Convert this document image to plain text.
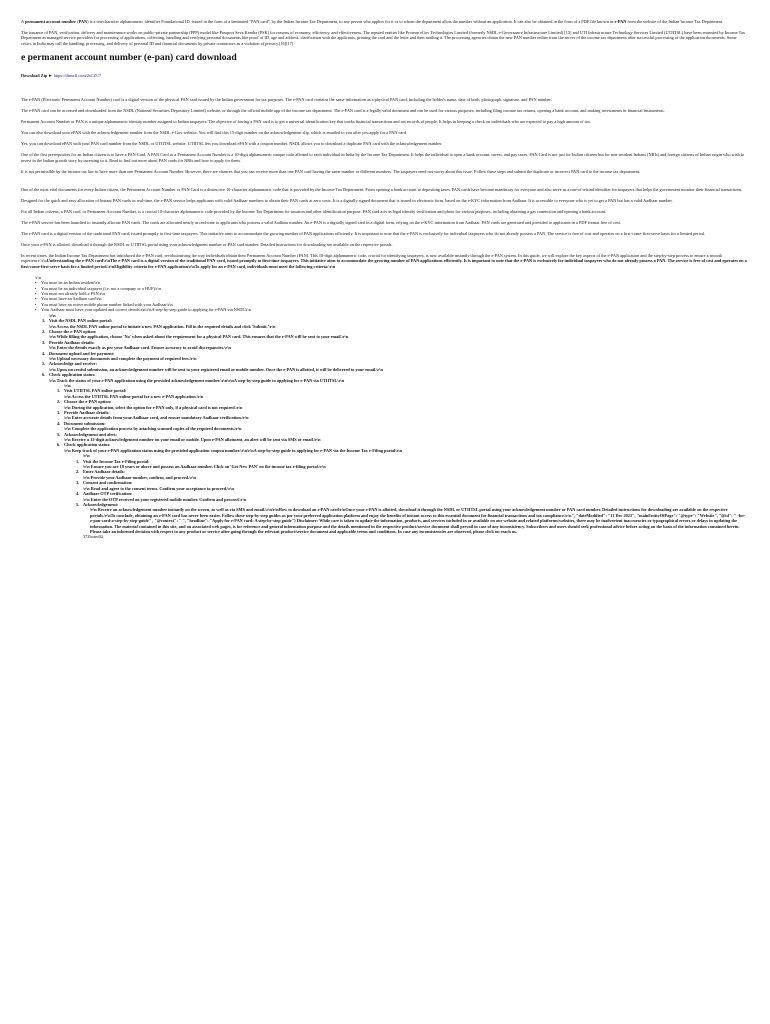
A permanent account number (PAN) is a ten-character alphanumeric identifier Foundational ID, issued in the form of a laminated "PAN card", by the Indian Income Tax Department, to any person who applies for it or to whom the department allots the number without an application. It can also be obtained in the form of a PDF file known as e-PAN from the website of the Indian Income Tax Department.

The issuance of PAN, verification, delivery and maintenance works on public-private partnership (PPP) model like Passport Seva Kendra (PSK) for reasons of economy, efficiency, and effectiveness. The reputed entities like Protean eGov Technologies Limited (formerly NSDL e-Governance Infrastructure Limited) [15] and UTI Infrastructure Technology Services Limited (UTIITSL) have been entrusted by Income Tax Department as managed service providers for processing of applications, collecting, handling and verifying personal documents like proof of ID, age and address, clarification with the applicants, printing the card and the letter and then mailing it. The processing agencies obtain the new PAN number online from the server of the income tax department after successful processing of the application documents. Some critics in India may call the handling, processing, and delivery of personal ID and financial documents by private contractors as a violation of privacy.[16][17]

e permanent account number (e-pan) card download

Download Zip ► https://tlinurll.com/2sCZC7

The e-PAN (Electronic Permanent Account Number) card is a digital version of the physical PAN card issued by the Indian government for tax purposes. The e-PAN card contains the same information as a physical PAN card, including the holder's name, date of birth, photograph, signature, and PAN number.

The e-PAN card can be accessed and downloaded from the NSDL (National Securities Depository Limited) website, or through the official mobile app of the income tax department. The e-PAN card is a legally valid document and can be used for various purposes, including filing income tax returns, opening a bank account, and making investments in financial instruments.

Permanent Account Number or PAN is a unique alphanumeric identity number assigned to Indian taxpayers. The objective of having a PAN card is to get a universal identification key that tracks financial transactions and tax records of people. It helps in keeping a check on individuals who are expected to pay a high amount of tax.

You can also download your ePAN with the acknowledgement number from the NSDL e-Gov website. You will find this 15-digit number on the acknowledgement slip, which is emailed to you after you apply for a PAN card.

Yes, you can download ePAN with your PAN card number from the NSDL or UTIITSL website. UTIITSL lets you download ePAN with a coupon number. NSDL allows you to download a duplicate PAN card with the acknowledgement number.

One of the first prerequisites for an Indian citizen is to have a PAN Card. A PAN Card or a Permanent Account Number is a 10-digit alphanumeric unique code allotted to each individual in India by the Income Tax Department. It helps the individual to open a bank account, invest, and pay taxes. PAN Card is not just for Indian citizens but for non-resident Indians (NRIs) and foreign citizens of Indian origin who wish to invest in the Indian growth story by investing in it. Read to find out more about PAN cards for NRIs and how to apply for them.

It is not permissible by the income tax law to have more than one Permanent Account Number. However, there are chances that you can receive more than one PAN card having the same number or different numbers. The taxpayers need not worry about this issue. Follow these steps and submit the duplicate or incorrect PAN card to the income tax department.

One of the most vital documents for every Indian citizen, the Permanent Account Number or PAN Card is a distinctive 10-character alphanumeric code that is provided by the Income Tax Department. From opening a bank account to depositing taxes, PAN cards have become mandatory for everyone and also serve as a one-of-a-kind identifier for taxpayers that helps the government monitor their financial transactions.

Designed for the quick and easy allocation of Instant PAN cards in real-time, the e-PAN service helps applicants with valid Aadhaar numbers to obtain their PAN cards at zero costs. It is a digitally signed document that is issued in electronic form, based on the e-KYC information from Aadhaar. It is accessible to everyone who is yet to get a PAN but has a valid Aadhaar number.

For all Indian citizens, a PAN card, or Permanent Account Number, is a crucial 10-character alphanumeric code provided by the Income Tax Department for taxation and other identification purpose. PAN card acts as legal identity verification and photo for various purposes, including obtaining a gas connection and opening a bank account.

The e-PAN service has been launched to instantly allocate PAN cards. The cards are allocated nearly in real-time to applicants who possess a valid Aadhaar number. An e-PAN is a digitally signed card in a digital form, relying on the e-KYC information from Aadhaar. PAN cards are generated and provided to applicants in a PDF format free of cost.

The e-PAN card is a digital version of the traditional PAN card, issued promptly to first-time taxpayers. This initiative aims to accommodate the growing number of PAN applications efficiently. It is important to note that the e-PAN is exclusively for individual taxpayers who do not already possess a PAN. The service is free of cost and operates on a first-come-first-serve basis for a limited period.

Once your e-PAN is allotted, download it through the NSDL or UTIITSL portal using your acknowledgment number or PAN card number. Detailed instructions for downloading are available on the respective portals.

In recent times, the Indian Income Tax Department has introduced the e-PAN card, revolutionising the way individuals obtain their Permanent Account Number (PAN). This 10-digit alphanumeric code, crucial for identifying taxpayers, is now available instantly through the e-PAN system. In this guide, we will explore the key aspects of the e-PAN application and the step-by-step process to ensure a smooth experience.\r\nUnderstanding the e-PAN card\r\nThe e-PAN card is a digital version of the traditional PAN card, issued promptly to first-time taxpayers. This initiative aims to accommodate the growing number of PAN applications efficiently. It is important to note that the e-PAN is exclusively for individual taxpayers who do not already possess a PAN. The service is free of cost and operates on a first-come-first-serve basis for a limited period.\r\nEligibility criteria for e-PAN application\r\nTo apply for an e-PAN card, individuals must meet the following criteria:\r\n

\r\n
• You must be an Indian resident\r\n
• You must be an individual taxpayer (i.e. not a company or a HUF)\r\n
• You must not already hold a PAN\r\n
• You must have an Aadhaar card\r\n
• You must have an active mobile phone number linked with your Aadhaar\r\n
• Your Aadhaar must have your updated and correct details\r\n\r\nA step-by-step guide to applying for e-PAN via NSDL\r\n
\r\n
1. Visit the NSDL PAN online portal:
\r\n Access the NSDL PAN online portal to initiate a new PAN application. Fill in the required details and click 'Submit.'\r\n
2. Choose the e-PAN option:
\r\n While filling the application, choose 'No' when asked about the requirement for a physical PAN card. This ensures that the e-PAN will be sent to your email.\r\n
3. Provide Aadhaar details:
\r\n Enter the details exactly as per your Aadhaar card. Ensure accuracy to avoid discrepancies.\r\n
4. Document upload and fee payment:
\r\n Upload necessary documents and complete the payment of required fees.\r\n
5. Acknowledge and receive:
\r\n Upon successful submission, an acknowledgement number will be sent to your registered email or mobile number. Once the e-PAN is allotted, it will be delivered to your email.\r\n
6. Check application status:
\r\n Track the status of your e-PAN application using the provided acknowledgement number.\r\n\r\nA step-by-step guide to applying for e-PAN via UTIITSL\r\n
\r\n
1. Visit UTIITSL PAN online portal:
\r\n Access the UTIITSL PAN online portal for a new e-PAN application.\r\n
2. Choose the e-PAN option:
\r\n During the application, select the option for e-PAN only, if a physical card is not required.\r\n
3. Provide Aadhaar details:
\r\n Enter accurate details from your Aadhaar card, and ensure mandatory Aadhaar verification.\r\n
4. Document submission:
\r\n Complete the application process by attaching scanned copies of the required documents.\r\n
5. Acknowledgement and alert:
\r\n Receive a 15-digit acknowledgement number on your email or mobile. Upon e-PAN allotment, an alert will be sent via SMS or email.\r\n
6. Check application status:
\r\n Keep track of your e-PAN application status using the provided application coupon number.\r\n\r\nA step-by-step guide to applying for e-PAN via the Income Tax e-Filing portal\r\n
\r\n
1. Visit the Income Tax e-Filing portal:
\r\n Ensure you are 18 years or above and possess an Aadhaar number. Click on 'Get New PAN' on the income tax e-filing portal.\r\n
2. Enter Aadhaar details:
\r\n Provide your Aadhaar number, confirm, and proceed.\r\n
3. Consent and confirmation:
\r\n Read and agree to the consent terms. Confirm your acceptance to proceed.\r\n
4. Aadhaar OTP verification:
\r\n Enter the OTP received on your registered mobile number. Confirm and proceed.\r\n
5. Acknowledgement:
\r\n Receive an acknowledgement number instantly on the screen, as well as via SMS and email.\r\n\r\nHow to download an e-PAN card\r\nOnce your e-PAN is allotted, download it through the NSDL or UTIITSL portal using your acknowledgement number or PAN card number. Detailed instructions for downloading are available on the respective portals.\r\nTo conclude, obtaining an e-PAN card has never been easier. Follow these step-by-step guides as per your preferred application platform and enjoy the benefits of instant access to this essential document for financial transactions and tax compliance.\r\n", "dateModified": "11 Dec 2023", "mainEntityOfPage": "@type": "Website", "@id": " -for-e-pan-card-a-step-by-step-guide" , "@context": " ", "headline": "Apply for e-PAN card: A step-by-step guide"} Disclaimer: While care is taken to update the information, products, and services included in or available on our website and related platforms/websites, there may be inadvertent inaccuracies or typographical errors or delays in updating the information. The material contained in this site, and on associated web pages, is for reference and general information purpose and the details mentioned in the respective product/service document shall prevail in case of any inconsistency. Subscribers and users should seek professional advice before acting on the basis of the information contained herein. Please take an informed decision with respect to any product or service after going through the relevant product/service document and applicable terms and conditions. In case any inconsistencies are observed, please click on reach us.
372bcaedf2
